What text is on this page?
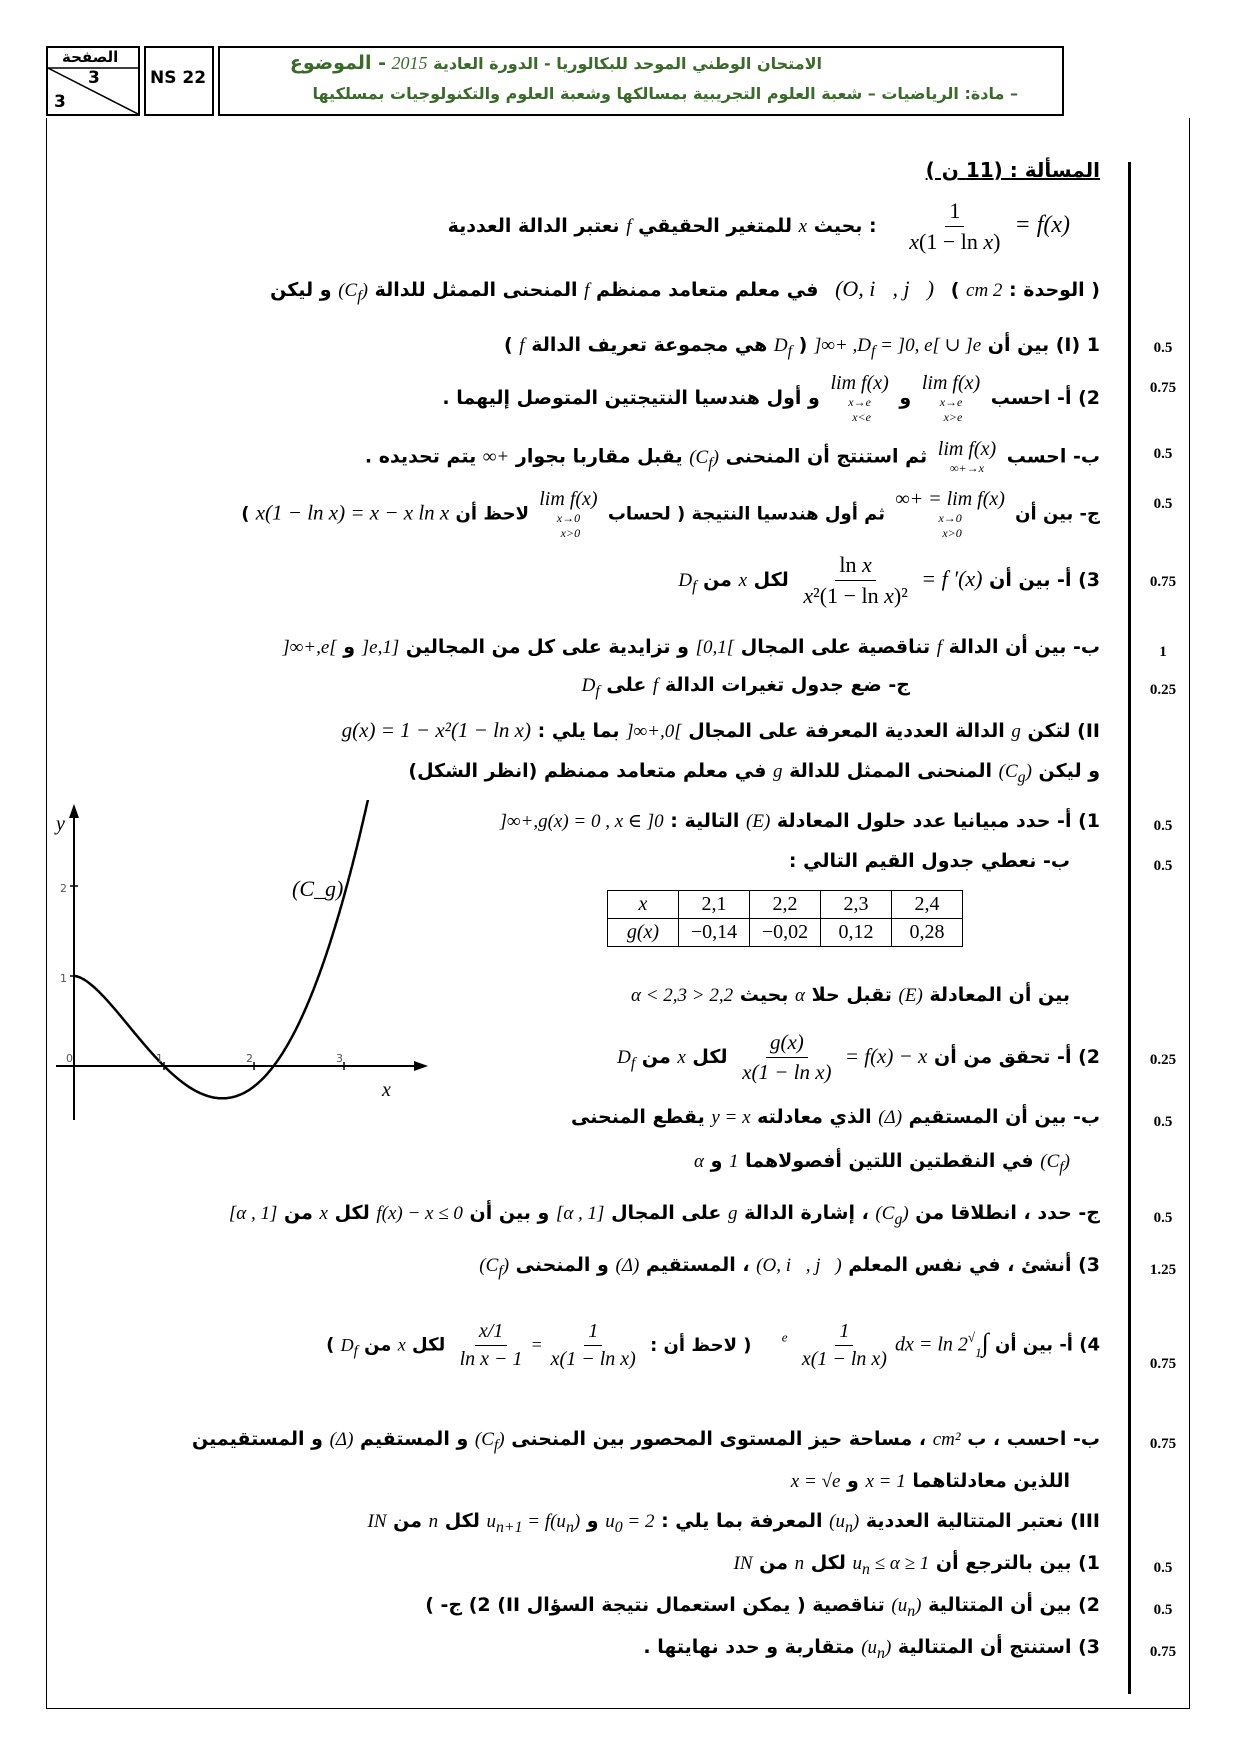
الصفحة
3
3
NS 22
الامتحان الوطني الموحد للبكالوريا - الدورة العادية 2015 - الموضوع
– مادة: الرياضيات – شعبة العلوم التجريبية بمسالكها وشعبة العلوم والتكنولوجيات بمسلكيها
المسألة : (11 ن )
f(x) =
$\frac{1}{\text{x(1 − ln x)}}$
: بحيث x للمتغير الحقيقي f نعتبر الدالة العددية
( الوحدة : 2 cm ) (O, i⃗, j⃗) في معلم متعامد ممنظم f المنحنى الممثل للدالة $(C_f)$ و ليكن
0.5
I) 1) بين أن $D_f = ]0$, e[ ∪ ]e, +∞[ ( $D_f$ هي مجموعة تعريف الدالة f )
0.75
2) أ- احسب
lim f(x)
x→e
x>e
و
lim f(x)
x→e
x<e
و أول هندسيا النتيجتين المتوصل إليهما .
0.5
ب- احسب
lim f(x)
x→+∞
ثم استنتج أن المنحنى $(C_f)$ يقبل مقاربا بجوار +∞ يتم تحديده .
0.5
ج- بين أن
lim f(x) = +∞
x→0
x>0
ثم أول هندسيا النتيجة ( لحساب
lim f(x)
x→0
x>0
لاحظ أن x(1 − ln x) = x − x ln x )
0.75
3) أ- بين أن f ′(x) =
$\frac{\text{ln x}}{\text{x²(1 − ln x)²}}$
لكل x من $D_f$
1
ب- بين أن الدالة f تناقصية على المجال ]0,1] و تزايدية على كل من المجالين [1,e[ و ]e,+∞[
0.25
ج- ضع جدول تغيرات الدالة f على $D_f$
II) لتكن g الدالة العددية المعرفة على المجال ]0,+∞[ بما يلي : g(x) = 1 − x²(1 − ln x)
و ليكن $(C_g)$ المنحنى الممثل للدالة g في معلم متعامد ممنظم (انظر الشكل)
0.5
1) أ- حدد مبيانيا عدد حلول المعادلة (E) التالية : g(x) = 0 , x ∈ ]0,+∞[
0.5
ب- نعطي جدول القيم التالي :
x	2,1	2,2	2,3	2,4
g(x)	−0,14	−0,02	0,12	0,28
بين أن المعادلة (E) تقبل حلا α بحيث 2,2 < α < 2,3
0.25
2) أ- تحقق من أن f(x) − x =
$\frac{g(x)}{\text{x(1 − ln x)}}$
لكل x من $D_f$
0.5
ب- بين أن المستقيم (Δ) الذي معادلته y = x يقطع المنحنى
$(C_f)$ في النقطتين اللتين أفصولاهما 1 و α
0.5
ج- حدد ، انطلاقا من $(C_g)$ ، إشارة الدالة g على المجال [1 , α] و بين أن f(x) − x ≤ 0 لكل x من [1 , α]
1.25
3) أنشئ ، في نفس المعلم (O, i⃗, j⃗) ، المستقيم (Δ) و المنحنى $(C_f)$
0.75
4) أ- بين أن $\int_1^{√e}$
$\frac{1}{\text{x(1 − ln x)}}$ dx = ln 2 ( لاحظ أن :
$\frac{1}{\text{x(1 − ln x)}}$
=
$\frac{1/x}{\text{1 − ln x}}$
لكل x من $D_f$ )
0.75
ب- احسب ، ب cm² ، مساحة حيز المستوى المحصور بين المنحنى $(C_f)$ و المستقيم (Δ) و المستقيمين
اللذين معادلتاهما x = 1 و x = √e
III) نعتبر المتتالية العددية $(u_n)$ المعرفة بما يلي : $u_0 = 2$ و $u_{n+1} = f(u_n)$ لكل n من IN
0.5
1) بين بالترجع أن $1 \le u_n \le \alpha$ لكل n من IN
0.5
2) بين أن المتتالية $(u_n)$ تناقصية ( يمكن استعمال نتيجة السؤال II) 2) ج- )
0.75
3) استنتج أن المتتالية $(u_n)$ متقاربة و حدد نهايتها .
y
x
(C_g)
0	1	2	3
1
2
